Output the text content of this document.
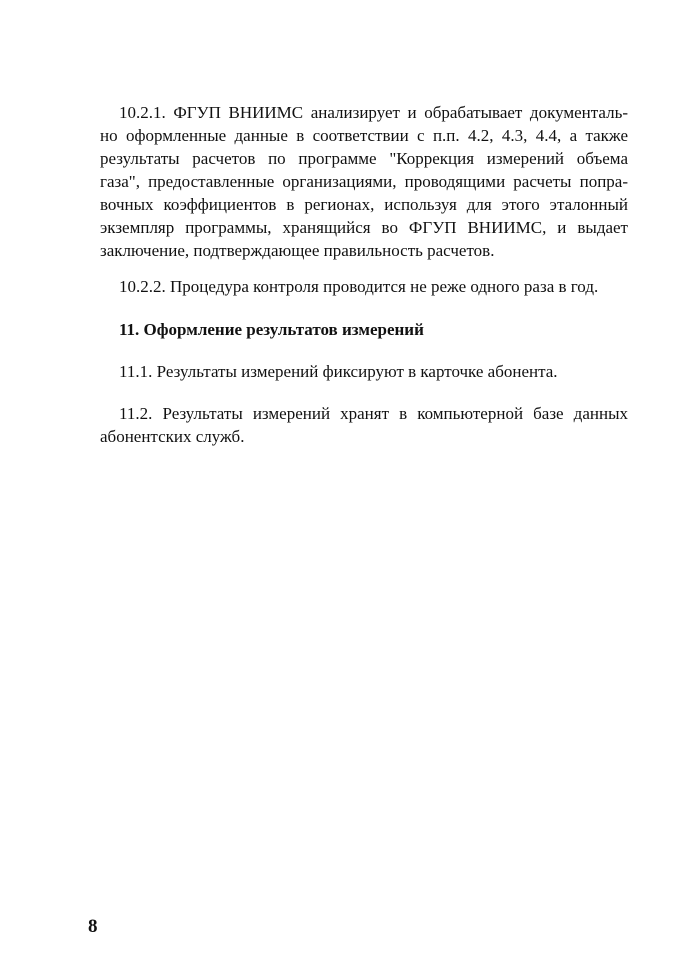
10.2.1. ФГУП ВНИИМС анализирует и обрабатывает документаль-
но оформленные данные в соответствии с п.п. 4.2, 4.3, 4.4, а также
результаты расчетов по программе "Коррекция измерений объема
газа", предоставленные организациями, проводящими расчеты попра-
вочных коэффициентов в регионах, используя для этого эталонный
экземпляр программы, хранящийся во ФГУП ВНИИМС, и выдает
заключение, подтверждающее правильность расчетов.
10.2.2. Процедура контроля проводится не реже одного раза в год.
11. Оформление результатов измерений
11.1. Результаты измерений фиксируют в карточке абонента.
11.2. Результаты измерений хранят в компьютерной базе данных
абонентских служб.
8
